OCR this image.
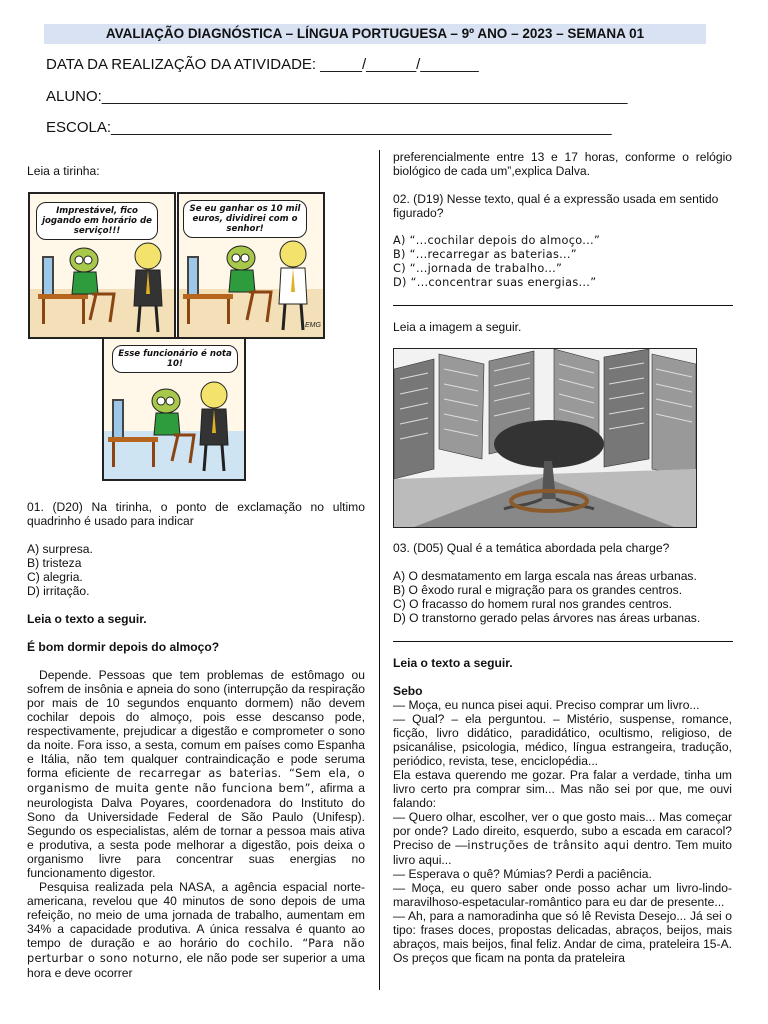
AVALIAÇÃO DIAGNÓSTICA – LÍNGUA PORTUGUESA – 9º ANO – 2023 – SEMANA 01
DATA DA REALIZAÇÃO DA ATIVIDADE: _____/______/_______
ALUNO:_______________________________________________________________
ESCOLA:____________________________________________________________

Leia a tirinha:

Imprestável, fico jogando em horário de serviço!!!
Se eu ganhar os 10 mil euros, dividirei com o senhor!
EMG
Esse funcionário é nota 10!

01. (D20) Na tirinha, o ponto de exclamação no ultimo quadrinho é usado para indicar

A) surpresa.

B) tristeza

C) alegria.

D) irritação.

Leia o texto a seguir.

É bom dormir depois do almoço?

Depende. Pessoas que tem problemas de estômago ou sofrem de insônia e apneia do sono (interrupção da respiração por mais de 10 segundos enquanto dormem) não devem cochilar depois do almoço, pois esse descanso pode, respectivamente, prejudicar a digestão e comprometer o sono da noite. Fora isso, a sesta, comum em países como Espanha e Itália, não tem qualquer contraindicação e pode seruma forma eficiente de recarregar as baterias. “Sem ela, o organismo de muita gente não funciona bem”, afirma a neurologista Dalva Poyares, coordenadora do Instituto do Sono da Universidade Federal de São Paulo (Unifesp). Segundo os especialistas, além de tornar a pessoa mais ativa e produtiva, a sesta pode melhorar a digestão, pois deixa o organismo livre para concentrar suas energias no funcionamento digestor.

Pesquisa realizada pela NASA, a agência espacial norte-americana, revelou que 40 minutos de sono depois de uma refeição, no meio de uma jornada de trabalho, aumentam em 34% a capacidade produtiva. A única ressalva é quanto ao tempo de duração e ao horário do cochilo. “Para não perturbar o sono noturno, ele não pode ser superior a uma hora e deve ocorrer

preferencialmente entre 13 e 17 horas, conforme o relógio biológico de cada um”,explica Dalva.

02. (D19) Nesse texto, qual é a expressão usada em sentido figurado?

A) “...cochilar depois do almoço...”

B) “...recarregar as baterias...”

C) “...jornada de trabalho...”

D) “...concentrar suas energias...”

Leia a imagem a seguir.

03. (D05) Qual é a temática abordada pela charge?

A) O desmatamento em larga escala nas áreas urbanas.

B) O êxodo rural e migração para os grandes centros.

C) O fracasso do homem rural nos grandes centros.

D) O transtorno gerado pelas árvores nas áreas urbanas.

Leia o texto a seguir.

Sebo

— Moça, eu nunca pisei aqui. Preciso comprar um livro...

— Qual? – ela perguntou. – Mistério, suspense, romance, ficção, livro didático, paradidático, ocultismo, religioso, de psicanálise, psicologia, médico, língua estrangeira, tradução, periódico, revista, tese, enciclopédia...

Ela estava querendo me gozar. Pra falar a verdade, tinha um livro certo pra comprar sim... Mas não sei por que, me ouvi falando:

— Quero olhar, escolher, ver o que gosto mais... Mas começar por onde? Lado direito, esquerdo, subo a escada em caracol? Preciso de —instruções de trânsito aqui dentro. Tem muito livro aqui...

— Esperava o quê? Múmias? Perdi a paciência.

— Moça, eu quero saber onde posso achar um livro-lindo-maravilhoso-espetacular-romântico para eu dar de presente...

— Ah, para a namoradinha que só lê Revista Desejo... Já sei o tipo: frases doces, propostas delicadas, abraços, beijos, mais abraços, mais beijos, final feliz. Andar de cima, prateleira 15-A. Os preços que ficam na ponta da prateleira
